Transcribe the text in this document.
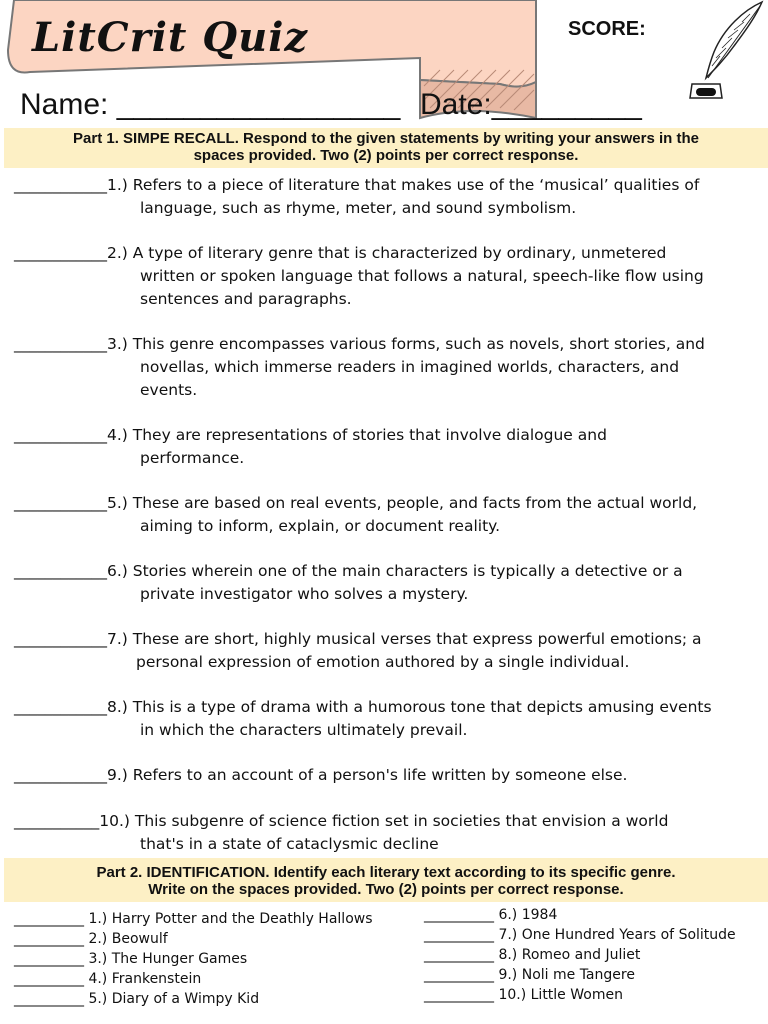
LitCrit Quiz	SCORE:
Name: _________________ Date:_________
Part 1. SIMPE RECALL. Respond to the given statements by writing your answers in the
spaces provided. Two (2) points per correct response.
____________1.) Refers to a piece of literature that makes use of the ‘musical’ qualities of
language, such as rhyme, meter, and sound symbolism.
____________2.) A type of literary genre that is characterized by ordinary, unmetered
written or spoken language that follows a natural, speech-like flow using
sentences and paragraphs.
____________3.) This genre encompasses various forms, such as novels, short stories, and
novellas, which immerse readers in imagined worlds, characters, and
events.
____________4.) They are representations of stories that involve dialogue and
performance.
____________5.) These are based on real events, people, and facts from the actual world,
aiming to inform, explain, or document reality.
____________6.) Stories wherein one of the main characters is typically a detective or a
private investigator who solves a mystery.
____________7.) These are short, highly musical verses that express powerful emotions; a
personal expression of emotion authored by a single individual.
____________8.) This is a type of drama with a humorous tone that depicts amusing events
in which the characters ultimately prevail.
____________9.) Refers to an account of a person's life written by someone else.
___________10.) This subgenre of science fiction set in societies that envision a world
that's in a state of cataclysmic decline
Part 2. IDENTIFICATION. Identify each literary text according to its specific genre.
Write on the spaces provided. Two (2) points per correct response.
__________ 1.) Harry Potter and the Deathly Hallows
__________ 2.) Beowulf
__________ 3.) The Hunger Games
__________ 4.) Frankenstein
__________ 5.) Diary of a Wimpy Kid
__________ 6.) 1984
__________ 7.) One Hundred Years of Solitude
__________ 8.) Romeo and Juliet
__________ 9.) Noli me Tangere
__________ 10.) Little Women
